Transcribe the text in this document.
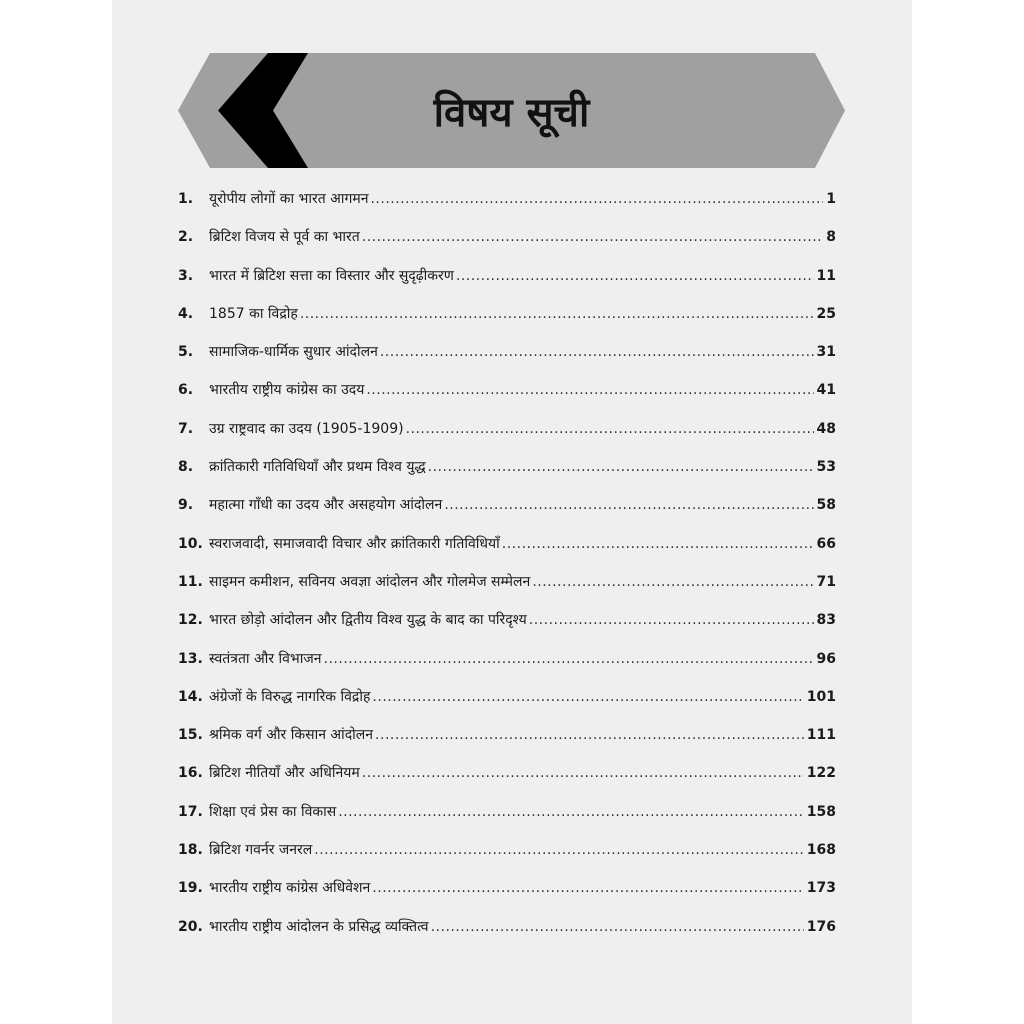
विषय सूची
1.	यूरोपीय लोगों का भारत आगमन .....	1
2.	ब्रिटिश विजय से पूर्व का भारत .....	8
3.	भारत में ब्रिटिश सत्ता का विस्तार और सुदृढ़ीकरण .....	11
4.	1857 का विद्रोह .....	25
5.	सामाजिक-धार्मिक सुधार आंदोलन .....	31
6.	भारतीय राष्ट्रीय कांग्रेस का उदय .....	41
7.	उग्र राष्ट्रवाद का उदय (1905-1909) .....	48
8.	क्रांतिकारी गतिविधियाँ और प्रथम विश्व युद्ध .....	53
9.	महात्मा गाँधी का उदय और असहयोग आंदोलन .....	58
10. स्वराजवादी, समाजवादी विचार और क्रांतिकारी गतिविधियाँ .....	66
11. साइमन कमीशन, सविनय अवज्ञा आंदोलन और गोलमेज सम्मेलन .....	71
12. भारत छोड़ो आंदोलन और द्वितीय विश्व युद्ध के बाद का परिदृश्य .....	83
13. स्वतंत्रता और विभाजन .....	96
14. अंग्रेजों के विरुद्ध नागरिक विद्रोह .....	101
15. श्रमिक वर्ग और किसान आंदोलन .....	111
16. ब्रिटिश नीतियाँ और अधिनियम .....	122
17. शिक्षा एवं प्रेस का विकास .....	158
18. ब्रिटिश गवर्नर जनरल .....	168
19. भारतीय राष्ट्रीय कांग्रेस अधिवेशन .....	173
20. भारतीय राष्ट्रीय आंदोलन के प्रसिद्ध व्यक्तित्व .....	176
